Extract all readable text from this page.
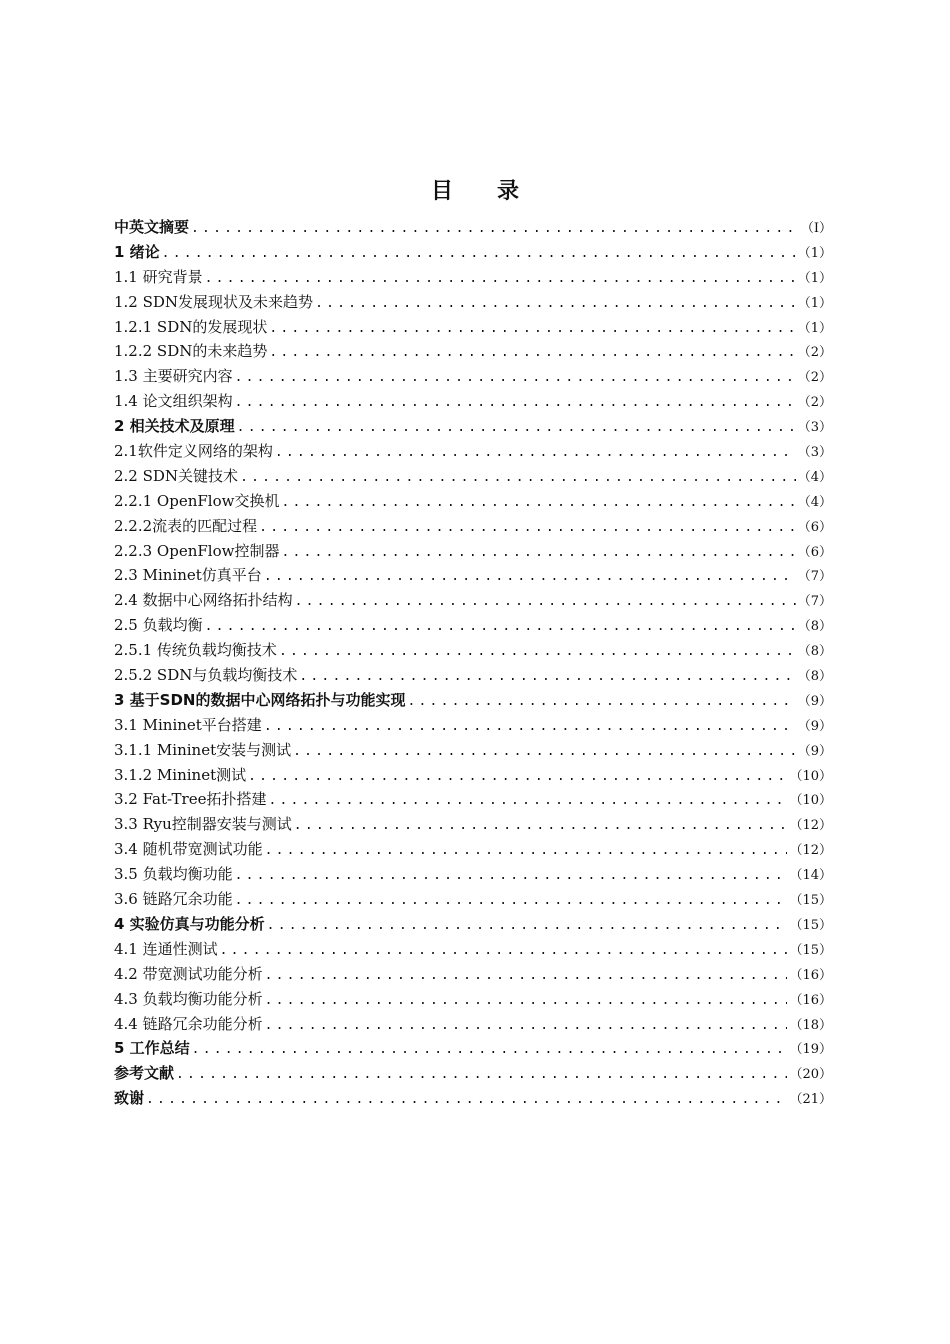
目录
中英文摘要 .....	（I）
1 绪论 .....	（1）
1.1 研究背景 .....	（1）
1.2 SDN发展现状及未来趋势 .....	（1）
1.2.1 SDN的发展现状 .....	（1）
1.2.2 SDN的未来趋势 .....	（2）
1.3 主要研究内容 .....	（2）
1.4 论文组织架构 .....	（2）
2 相关技术及原理 .....	（3）
2.1软件定义网络的架构 .....	（3）
2.2 SDN关键技术 .....	（4）
2.2.1 OpenFlow交换机 .....	（4）
2.2.2流表的匹配过程 .....	（6）
2.2.3 OpenFlow控制器 .....	（6）
2.3 Mininet仿真平台 .....	（7）
2.4 数据中心网络拓扑结构 .....	（7）
2.5 负载均衡 .....	（8）
2.5.1 传统负载均衡技术 .....	（8）
2.5.2 SDN与负载均衡技术 .....	（8）
3 基于SDN的数据中心网络拓扑与功能实现 .....	（9）
3.1 Mininet平台搭建 .....	（9）
3.1.1 Mininet安装与测试 .....	（9）
3.1.2 Mininet测试 .....	（10）
3.2 Fat-Tree拓扑搭建 .....	（10）
3.3 Ryu控制器安装与测试 .....	（12）
3.4 随机带宽测试功能 .....	（12）
3.5 负载均衡功能 .....	（14）
3.6 链路冗余功能 .....	（15）
4 实验仿真与功能分析 .....	（15）
4.1 连通性测试 .....	（15）
4.2 带宽测试功能分析 .....	（16）
4.3 负载均衡功能分析 .....	（16）
4.4 链路冗余功能分析 .....	（18）
5 工作总结 .....	（19）
参考文献 .....	（20）
致谢 .....	（21）
